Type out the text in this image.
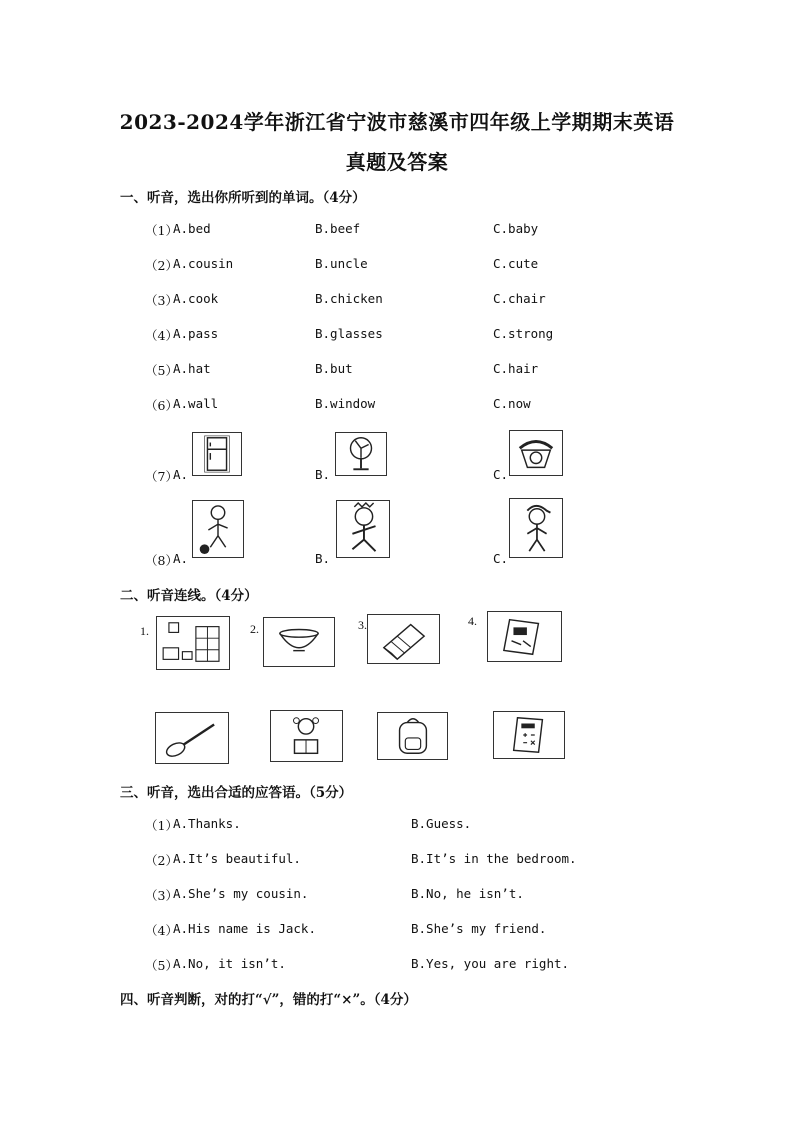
2023-2024学年浙江省宁波市慈溪市四年级上学期期末英语
真题及答案
一、听音，选出你所听到的单词。（4分）
（1）
A.bed	B.beef	C.baby
（2）
A.cousin	B.uncle	C.cute
（3）
A.cook	B.chicken	C.chair
（4）
A.pass	B.glasses	C.strong
（5）
A.hat	B.but	C.hair
（6）
A.wall	B.window	C.now
（7）
A.	B.	C.
（8）
A.	B.	C.
二、听音连线。（4分）
1.	2.	3.	4.
三、听音，选出合适的应答语。（5分）
（1）
A.Thanks.	B.Guess.
（2）
A.It’s beautiful.	B.It’s in the bedroom.
（3）
A.She’s my cousin.	B.No, he isn’t.
（4）
A.His name is Jack.	B.She’s my friend.
（5）
A.No, it isn’t.	B.Yes, you are right.
四、听音判断，对的打“√”，错的打“×”。（4分）
